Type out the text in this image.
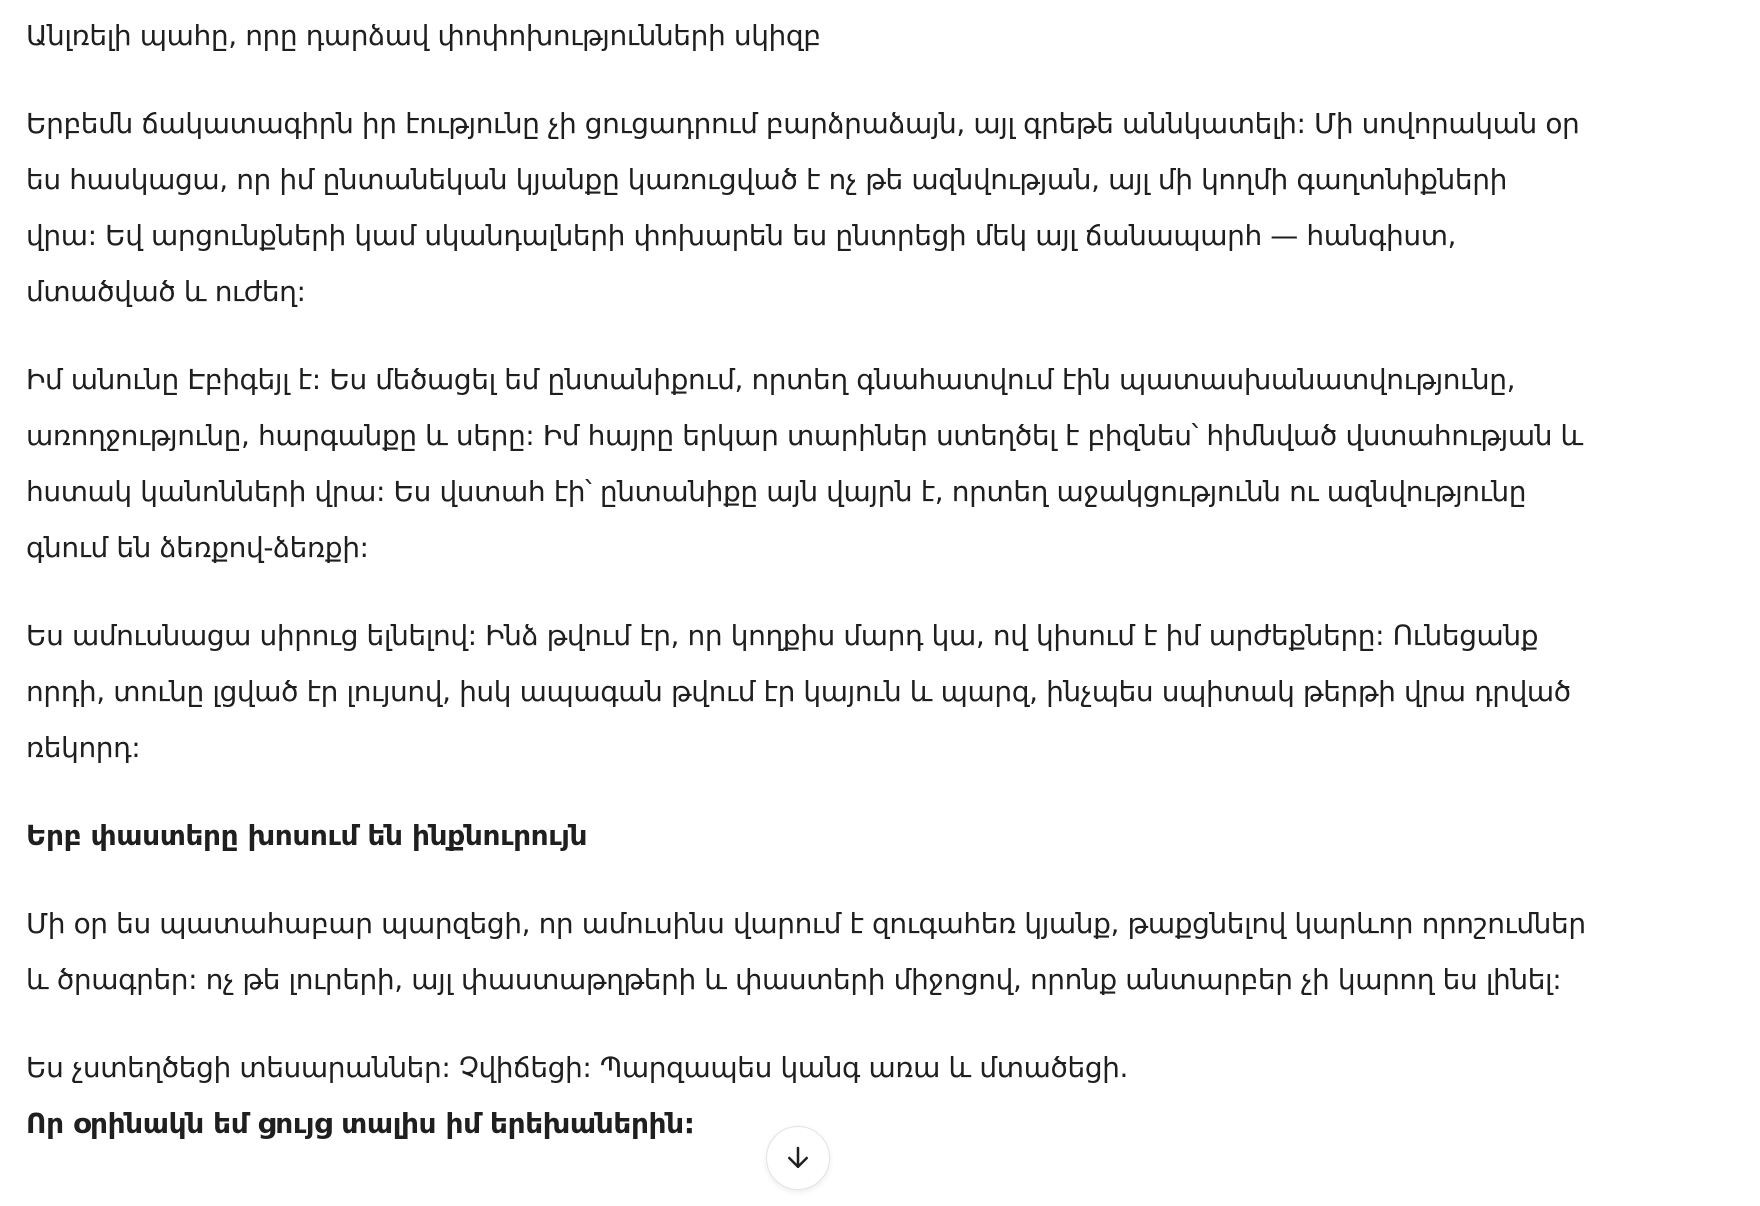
Անլռելի պահը, որը դարձավ փոփոխությունների սկիզբ

Երբեմն ճակատագիրն իր էությունը չի ցուցադրում բարձրաձայն, այլ գրեթե աննկատելի: Մի սովորական օր ես հասկացա, որ իմ ընտանեկան կյանքը կառուցված է ոչ թե ազնվության, այլ մի կողմի գաղտնիքների վրա: Եվ արցունքների կամ սկանդալների փոխարեն ես ընտրեցի մեկ այլ ճանապարհ — հանգիստ, մտածված և ուժեղ:

Իմ անունը Էբիգեյլ է: Ես մեծացել եմ ընտանիքում, որտեղ գնահատվում էին պատասխանատվությունը, առողջությունը, հարգանքը և սերը: Իմ հայրը երկար տարիներ ստեղծել է բիզնես՝ հիմնված վստահության և հստակ կանոնների վրա: Ես վստահ էի՝ ընտանիքը այն վայրն է, որտեղ աջակցությունն ու ազնվությունը գնում են ձեռքով-ձեռքի:

Ես ամուսնացա սիրուց ելնելով: Ինձ թվում էր, որ կողքիս մարդ կա, ով կիսում է իմ արժեքները: Ունեցանք որդի, տունը լցված էր լույսով, իսկ ապագան թվում էր կայուն և պարզ, ինչպես սպիտակ թերթի վրա դրված ռեկորդ:

Երբ փաստերը խոսում են ինքնուրույն

Մի օր ես պատահաբար պարզեցի, որ ամուսինս վարում է զուգահեռ կյանք, թաքցնելով կարևոր որոշումներ և ծրագրեր: ոչ թե լուրերի, այլ փաստաթղթերի և փաստերի միջոցով, որոնք անտարբեր չի կարող ես լինել:

Ես չստեղծեցի տեսարաններ: Չվիճեցի: Պարզապես կանգ առա և մտածեցի.

Որ օրինակն եմ ցույց տալիս իմ երեխաներին:
